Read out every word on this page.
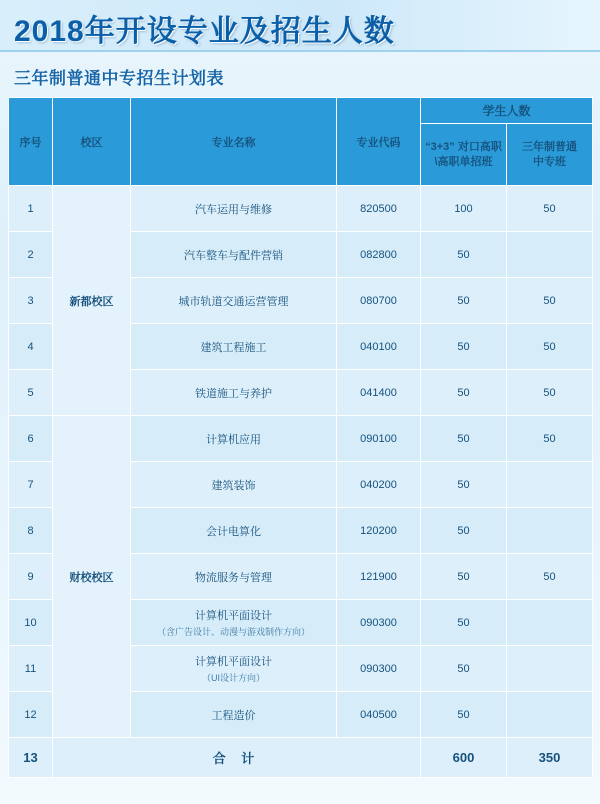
2018年开设专业及招生人数
三年制普通中专招生计划表
序号	校区	专业名称	专业代码	学生人数	
				“3+3” 对口高职\高职单招班	三年制普通
中专班

1	新都校区	汽车运用与维修	820500	100	50
2		汽车整车与配件营销	082800	50	
3		城市轨道交通运营管理	080700	50	50
4		建筑工程施工	040100	50	50
5		铁道施工与养护	041400	50	50
6	财校校区	计算机应用	090100	50	50
7		建筑装饰	040200	50	
8		会计电算化	120200	50	
9		物流服务与管理	121900	50	50
10		计算机平面设计
（含广告设计、动漫与游戏制作方向）	090300	50	
11		计算机平面设计
（UI设计方向）	090300	50	
12		工程造价	040500	50	
13	合 计			600	350
